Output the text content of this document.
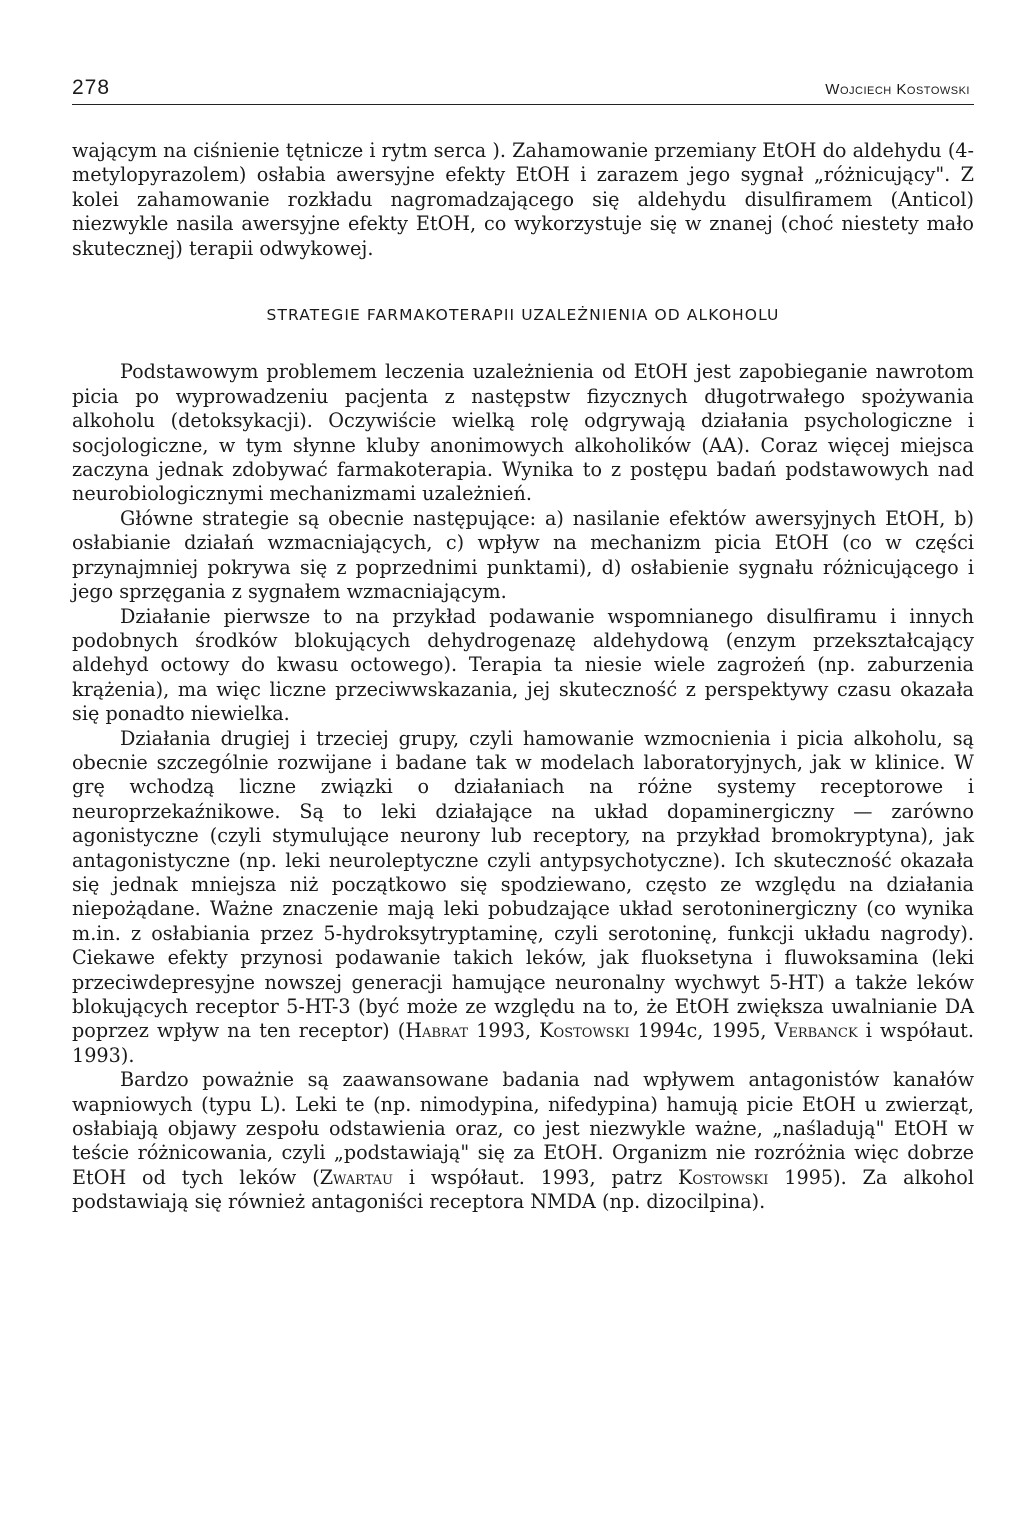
278	Wojciech Kostowski

wającym na ciśnienie tętnicze i rytm serca ). Zahamowanie przemiany EtOH do aldehydu (4-metylopyrazolem) osłabia awersyjne efekty EtOH i zarazem jego sygnał „różnicujący". Z kolei zahamowanie rozkładu nagromadzającego się aldehydu disulfiramem (Anticol) niezwykle nasila awersyjne efekty EtOH, co wykorzystuje się w znanej (choć niestety mało skutecznej) terapii odwykowej.

STRATEGIE FARMAKOTERAPII UZALEŻNIENIA OD ALKOHOLU

Podstawowym problemem leczenia uzależnienia od EtOH jest zapobieganie nawrotom picia po wyprowadzeniu pacjenta z następstw fizycznych długotrwałego spożywania alkoholu (detoksykacji). Oczywiście wielką rolę odgrywają działania psychologiczne i socjologiczne, w tym słynne kluby anonimowych alkoholików (AA). Coraz więcej miejsca zaczyna jednak zdobywać farmakoterapia. Wynika to z postępu badań podstawowych nad neurobiologicznymi mechanizmami uzależnień.

Główne strategie są obecnie następujące: a) nasilanie efektów awersyjnych EtOH, b) osłabianie działań wzmacniających, c) wpływ na mechanizm picia EtOH (co w części przynajmniej pokrywa się z poprzednimi punktami), d) osłabienie sygnału różnicującego i jego sprzęgania z sygnałem wzmacniającym.

Działanie pierwsze to na przykład podawanie wspomnianego disulfiramu i innych podobnych środków blokujących dehydrogenazę aldehydową (enzym przekształcający aldehyd octowy do kwasu octowego). Terapia ta niesie wiele zagrożeń (np. zaburzenia krążenia), ma więc liczne przeciwwskazania, jej skuteczność z perspektywy czasu okazała się ponadto niewielka.

Działania drugiej i trzeciej grupy, czyli hamowanie wzmocnienia i picia alkoholu, są obecnie szczególnie rozwijane i badane tak w modelach laboratoryjnych, jak w klinice. W grę wchodzą liczne związki o działaniach na różne systemy receptorowe i neuroprzekaźnikowe. Są to leki działające na układ dopaminergiczny — zarówno agonistyczne (czyli stymulujące neurony lub receptory, na przykład bromokryptyna), jak antagonistyczne (np. leki neuroleptyczne czyli antypsychotyczne). Ich skuteczność okazała się jednak mniejsza niż początkowo się spodziewano, często ze względu na działania niepożądane. Ważne znaczenie mają leki pobudzające układ serotoninergiczny (co wynika m.in. z osłabiania przez 5-hydroksytryptaminę, czyli serotoninę, funkcji układu nagrody). Ciekawe efekty przynosi podawanie takich leków, jak fluoksetyna i fluwoksamina (leki przeciwdepresyjne nowszej generacji hamujące neuronalny wychwyt 5-HT) a także leków blokujących receptor 5-HT-3 (być może ze względu na to, że EtOH zwiększa uwalnianie DA poprzez wpływ na ten receptor) (Habrat 1993, Kostowski 1994c, 1995, Verbanck i współaut. 1993).

Bardzo poważnie są zaawansowane badania nad wpływem antagonistów kanałów wapniowych (typu L). Leki te (np. nimodypina, nifedypina) hamują picie EtOH u zwierząt, osłabiają objawy zespołu odstawienia oraz, co jest niezwykle ważne, „naśladują" EtOH w teście różnicowania, czyli „podstawiają" się za EtOH. Organizm nie rozróżnia więc dobrze EtOH od tych leków (Zwartau i współaut. 1993, patrz Kostowski 1995). Za alkohol podstawiają się również antagoniści receptora NMDA (np. dizocilpina).
